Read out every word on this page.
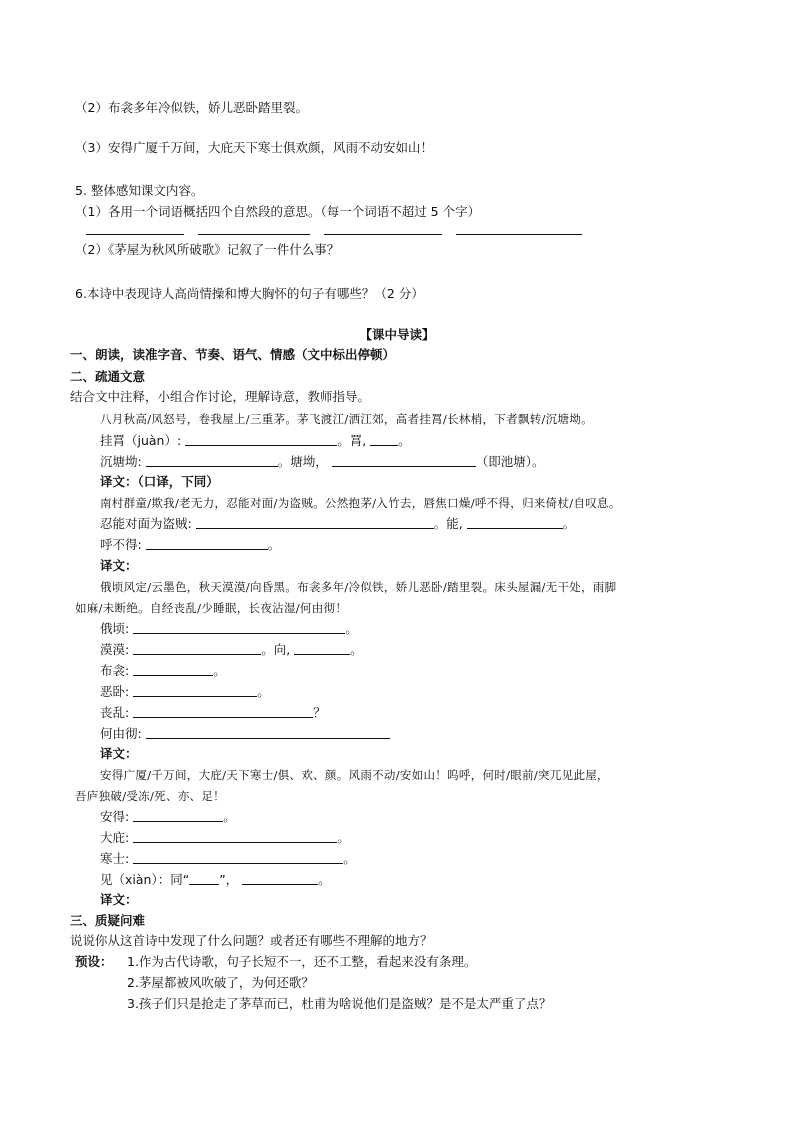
（2）布衾多年冷似铁，娇儿恶卧踏里裂。
（3）安得广厦千万间，大庇天下寒士俱欢颜，风雨不动安如山！
5. 整体感知课文内容。
（1）各用一个词语概括四个自然段的意思。（每一个词语不超过 5 个字）
（2）《茅屋为秋风所破歌》记叙了一件什么事？
6.本诗中表现诗人高尚情操和博大胸怀的句子有哪些？（2 分）
【课中导读】
一、朗读，读准字音、节奏、语气、情感（文中标出停顿）
二、疏通文意
结合文中注释，小组合作讨论，理解诗意，教师指导。
八月秋高/风怒号，卷我屋上/三重茅。茅飞渡江/洒江郊，高者挂罥/长林梢，下者飘转/沉塘坳。
挂罥（juàn）:	。罥,	。
沉塘坳:	。塘坳，	（即池塘）。
译文：（口译，下同）
南村群童/欺我/老无力，忍能对面/为盗贼。公然抱茅/入竹去，唇焦口燥/呼不得，归来倚杖/自叹息。
忍能对面为盗贼:	。能,	。
呼不得:	。
译文：
俄顷风定/云墨色，秋天漠漠/向昏黑。布衾多年/冷似铁，娇儿恶卧/踏里裂。床头屋漏/无干处，雨脚
如麻/未断绝。自经丧乱/少睡眠，长夜沾湿/何由彻！
俄顷:	。
漠漠:	。向,	。
布衾:	。
恶卧:	。
丧乱:	？
何由彻:
译文：
安得广厦/千万间，大庇/天下寒士/俱、欢、颜。风雨不动/安如山！呜呼，何时/眼前/突兀见此屋，
吾庐独破/受冻/死、亦、足！
安得:	。
大庇:	。
寒士:	。
见（xiàn）：同“ ”，	。
译文：
三、质疑问难
说说你从这首诗中发现了什么问题？或者还有哪些不理解的地方？
预设： 1.作为古代诗歌，句子长短不一，还不工整，看起来没有条理。
2.茅屋都被风吹破了，为何还歌？
3.孩子们只是抢走了茅草而已，杜甫为啥说他们是盗贼？是不是太严重了点？
